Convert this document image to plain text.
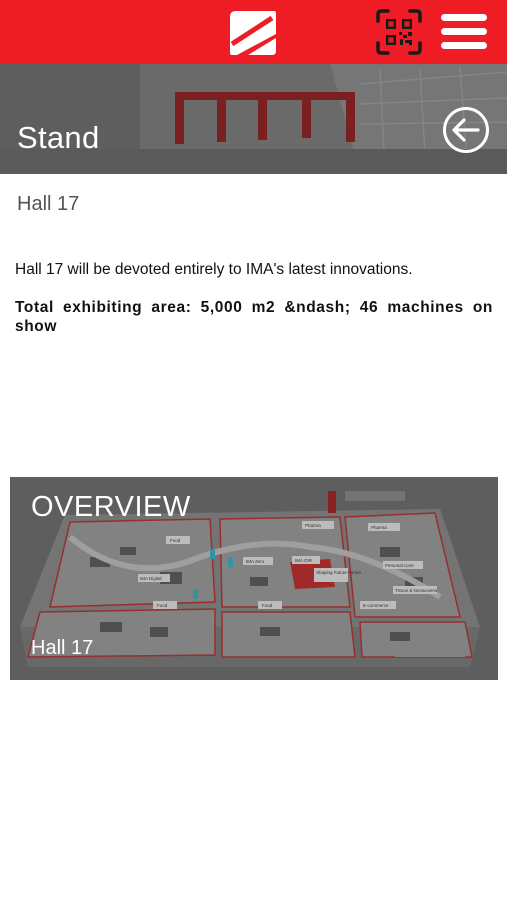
Stand
Hall 17

Hall 17 will be devoted entirely to IMA's latest innovations.

Total exhibiting area: 5,000 m2 &ndash; 46 machines on show

Food
Food	Food
IMA Digital
IMA Zero	IMA OIR
Pharma	Pharma
Personal Care
Tissue & Nonwovens
E-commerce
Shaping Future Forum
OVERVIEW
Hall 17
